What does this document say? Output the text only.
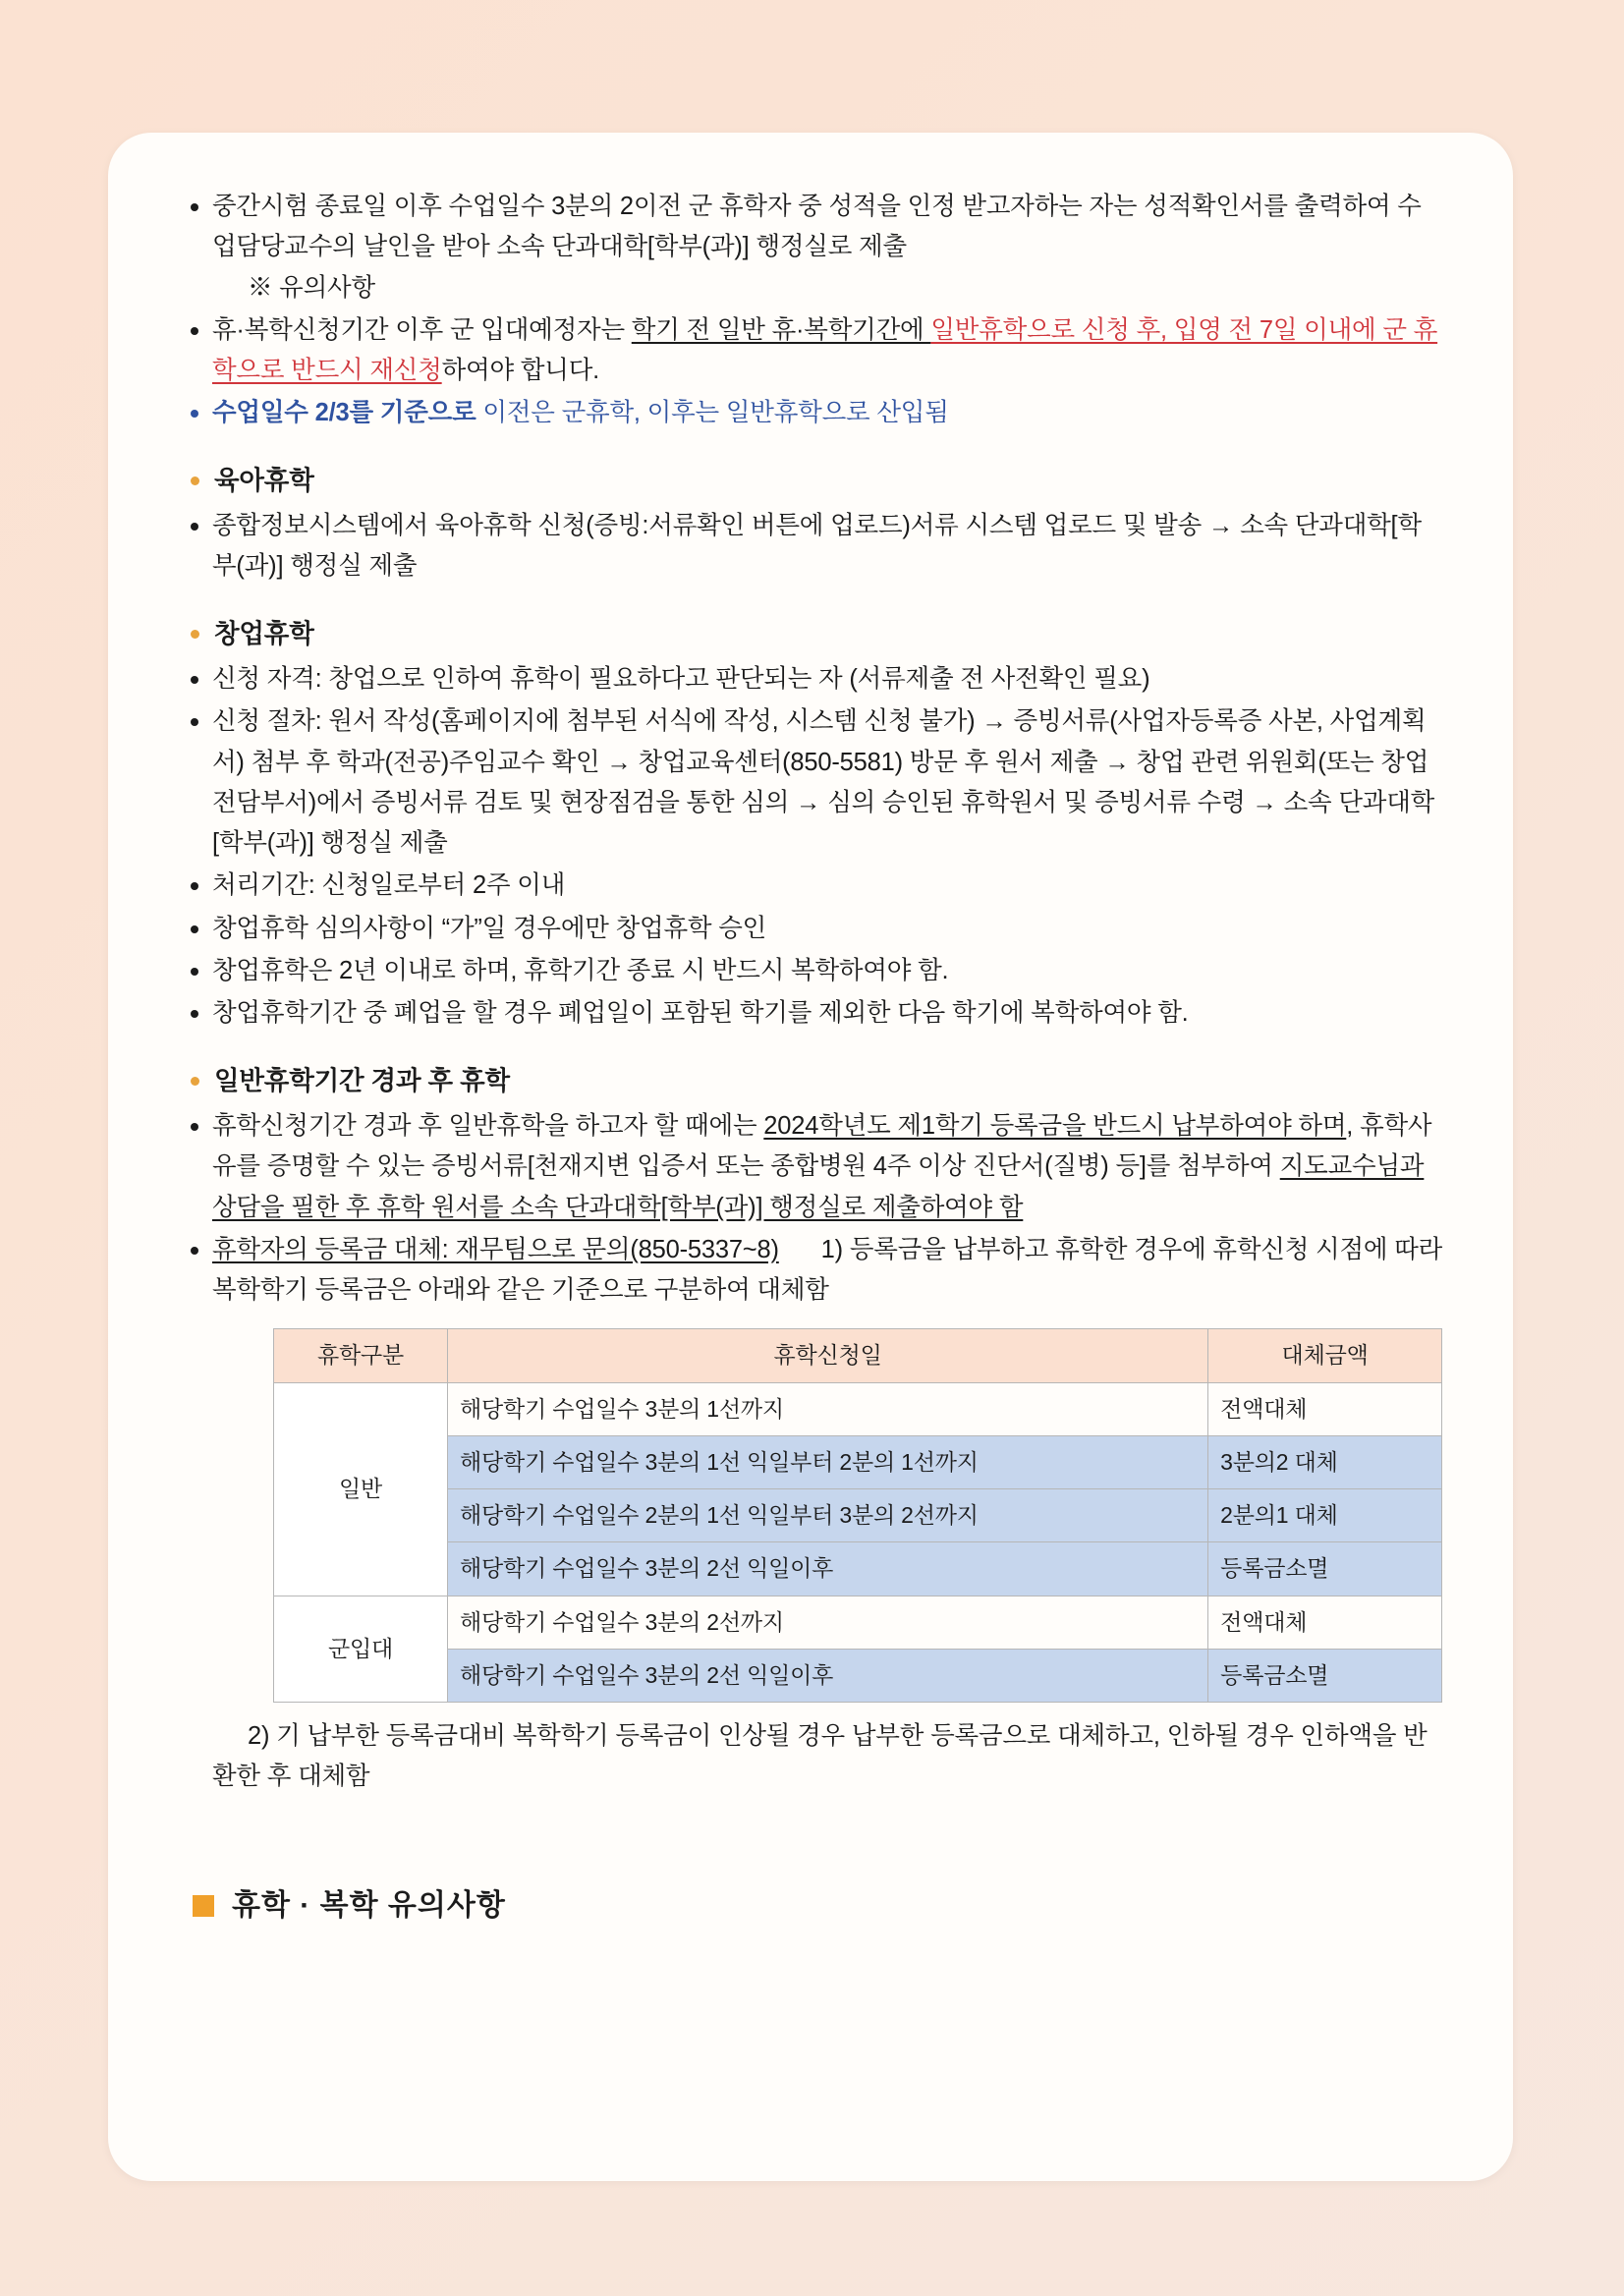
중간시험 종료일 이후 수업일수 3분의 2이전 군 휴학자 중 성적을 인정 받고자하는 자는 성적확인서를 출력하여 수업담당교수의 날인을 받아 소속 단과대학[학부(과)] 행정실로 제출
※ 유의사항
휴·복학신청기간 이후 군 입대예정자는 학기 전 일반 휴·복학기간에 일반휴학으로 신청 후, 입영 전 7일 이내에 군 휴학으로 반드시 재신청하여야 합니다.
수업일수 2/3를 기준으로 이전은 군휴학, 이후는 일반휴학으로 산입됨
육아휴학
종합정보시스템에서 육아휴학 신청(증빙:서류확인 버튼에 업로드)서류 시스템 업로드 및 발송 → 소속 단과대학[학부(과)] 행정실 제출
창업휴학
신청 자격: 창업으로 인하여 휴학이 필요하다고 판단되는 자 (서류제출 전 사전확인 필요)
신청 절차: 원서 작성(홈페이지에 첨부된 서식에 작성, 시스템 신청 불가) → 증빙서류(사업자등록증 사본, 사업계획서) 첨부 후 학과(전공)주임교수 확인 → 창업교육센터(850-5581) 방문 후 원서 제출 → 창업 관련 위원회(또는 창업 전담부서)에서 증빙서류 검토 및 현장점검을 통한 심의 → 심의 승인된 휴학원서 및 증빙서류 수령 → 소속 단과대학[학부(과)] 행정실 제출
처리기간: 신청일로부터 2주 이내
창업휴학 심의사항이 “가”일 경우에만 창업휴학 승인
창업휴학은 2년 이내로 하며, 휴학기간 종료 시 반드시 복학하여야 함.
창업휴학기간 중 폐업을 할 경우 폐업일이 포함된 학기를 제외한 다음 학기에 복학하여야 함.
일반휴학기간 경과 후 휴학
휴학신청기간 경과 후 일반휴학을 하고자 할 때에는 2024학년도 제1학기 등록금을 반드시 납부하여야 하며, 휴학사유를 증명할 수 있는 증빙서류[천재지변 입증서 또는 종합병원 4주 이상 진단서(질병) 등]를 첨부하여 지도교수님과 상담을 필한 후 휴학 원서를 소속 단과대학[학부(과)] 행정실로 제출하여야 함
휴학자의 등록금 대체: 재무팀으로 문의(850-5337~8) 1) 등록금을 납부하고 휴학한 경우에 휴학신청 시점에 따라 복학학기 등록금은 아래와 같은 기준으로 구분하여 대체함
휴학구분	휴학신청일	대체금액
일반	해당학기 수업일수 3분의 1선까지	전액대체
	해당학기 수업일수 3분의 1선 익일부터 2분의 1선까지	3분의2 대체
	해당학기 수업일수 2분의 1선 익일부터 3분의 2선까지	2분의1 대체
	해당학기 수업일수 3분의 2선 익일이후	등록금소멸
군입대	해당학기 수업일수 3분의 2선까지	전액대체
	해당학기 수업일수 3분의 2선 익일이후	등록금소멸
2) 기 납부한 등록금대비 복학학기 등록금이 인상될 경우 납부한 등록금으로 대체하고, 인하될 경우 인하액을 반환한 후 대체함
휴학 · 복학 유의사항
